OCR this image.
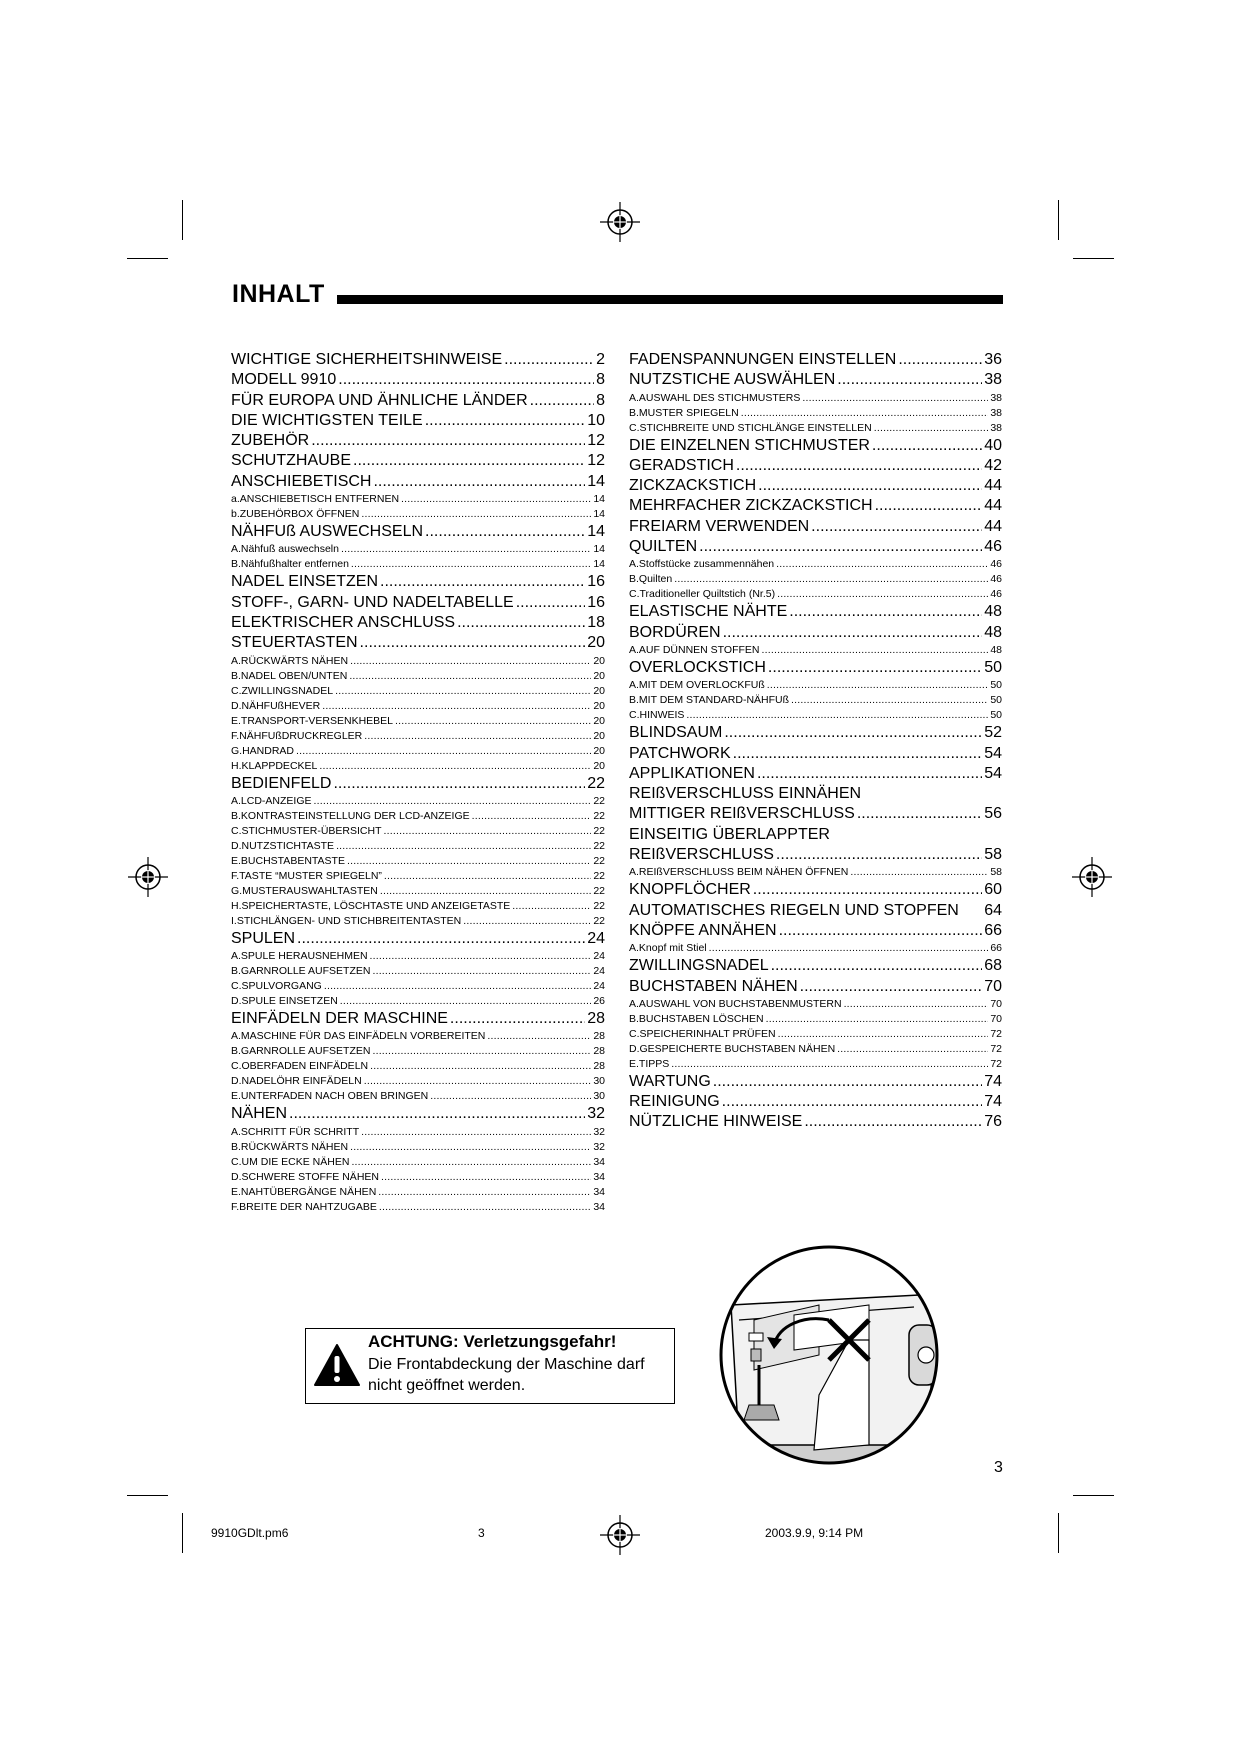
INHALT
WICHTIGE SICHERHEITSHINWEISE .....	2
MODELL 9910 .....	8
FÜR EUROPA UND ÄHNLICHE LÄNDER .....	8
DIE WICHTIGSTEN TEILE .....	10
ZUBEHÖR .....	12
SCHUTZHAUBE .....	12
ANSCHIEBETISCH .....	14
a. ANSCHIEBETISCH ENTFERNEN .....	14
b. ZUBEHÖRBOX ÖFFNEN .....	14
NÄHFUß AUSWECHSELN .....	14
A. Nähfuß auswechseln .....	14
B. Nähfußhalter entfernen .....	14
NADEL EINSETZEN .....	16
STOFF-, GARN- UND NADELTABELLE .....	16
ELEKTRISCHER ANSCHLUSS .....	18
STEUERTASTEN .....	20
A. RÜCKWÄRTS NÄHEN .....	20
B. NADEL OBEN/UNTEN .....	20
C. ZWILLINGSNADEL .....	20
D. NÄHFUßHEVER .....	20
E. TRANSPORT-VERSENKHEBEL .....	20
F. NÄHFUßDRUCKREGLER .....	20
G. HANDRAD .....	20
H. KLAPPDECKEL .....	20
BEDIENFELD .....	22
A. LCD-ANZEIGE .....	22
B. KONTRASTEINSTELLUNG DER LCD-ANZEIGE .....	22
C. STICHMUSTER-ÜBERSICHT .....	22
D. NUTZSTICHTASTE .....	22
E. BUCHSTABENTASTE .....	22
F. TASTE “MUSTER SPIEGELN” .....	22
G. MUSTERAUSWAHLTASTEN .....	22
H. SPEICHERTASTE, LÖSCHTASTE UND ANZEIGETASTE .....	22
I. STICHLÄNGEN- UND STICHBREITENTASTEN .....	22
SPULEN .....	24
A. SPULE HERAUSNEHMEN .....	24
B. GARNROLLE AUFSETZEN .....	24
C. SPULVORGANG .....	24
D. SPULE EINSETZEN .....	26
EINFÄDELN DER MASCHINE .....	28
A. MASCHINE FÜR DAS EINFÄDELN VORBEREITEN .....	28
B. GARNROLLE AUFSETZEN .....	28
C. OBERFADEN EINFÄDELN .....	28
D. NADELÖHR EINFÄDELN .....	30
E. UNTERFADEN NACH OBEN BRINGEN .....	30
NÄHEN .....	32
A. SCHRITT FÜR SCHRITT .....	32
B. RÜCKWÄRTS NÄHEN .....	32
C. UM DIE ECKE NÄHEN .....	34
D. SCHWERE STOFFE NÄHEN .....	34
E. NAHTÜBERGÄNGE NÄHEN .....	34
F. BREITE DER NAHTZUGABE .....	34
FADENSPANNUNGEN EINSTELLEN .....	36
NUTZSTICHE AUSWÄHLEN .....	38
A. AUSWAHL DES STICHMUSTERS .....	38
B. MUSTER SPIEGELN .....	38
C. STICHBREITE UND STICHLÄNGE EINSTELLEN .....	38
DIE EINZELNEN STICHMUSTER .....	40
GERADSTICH .....	42
ZICKZACKSTICH .....	44
MEHRFACHER ZICKZACKSTICH .....	44
FREIARM VERWENDEN .....	44
QUILTEN .....	46
A. Stoffstücke zusammennähen .....	46
B. Quilten .....	46
C. Traditioneller Quiltstich (Nr.5) .....	46
ELASTISCHE NÄHTE .....	48
BORDÜREN .....	48
A. AUF DÜNNEN STOFFEN .....	48
OVERLOCKSTICH .....	50
A. MIT DEM OVERLOCKFUß .....	50
B. MIT DEM STANDARD-NÄHFUß .....	50
C. HINWEIS .....	50
BLINDSAUM .....	52
PATCHWORK .....	54
APPLIKATIONEN .....	54
REIßVERSCHLUSS EINNÄHEN
MITTIGER REIßVERSCHLUSS .....	56
EINSEITIG ÜBERLAPPTER
REIßVERSCHLUSS .....	58
A. REIßVERSCHLUSS BEIM NÄHEN ÖFFNEN .....	58
KNOPFLÖCHER .....	60
AUTOMATISCHES RIEGELN UND STOPFEN 64
KNÖPFE ANNÄHEN .....	66
A. Knopf mit Stiel .....	66
ZWILLINGSNADEL .....	68
BUCHSTABEN NÄHEN .....	70
A. AUSWAHL VON BUCHSTABENMUSTERN .....	70
B. BUCHSTABEN LÖSCHEN .....	70
C. SPEICHERINHALT PRÜFEN .....	72
D. GESPEICHERTE BUCHSTABEN NÄHEN .....	72
E. TIPPS .....	72
WARTUNG .....	74
REINIGUNG .....	74
NÜTZLICHE HINWEISE .....	76
ACHTUNG: Verletzungsgefahr!
Die Frontabdeckung der Maschine darf nicht geöffnet werden.
3
9910GDlt.pm6	3	2003.9.9, 9:14 PM
